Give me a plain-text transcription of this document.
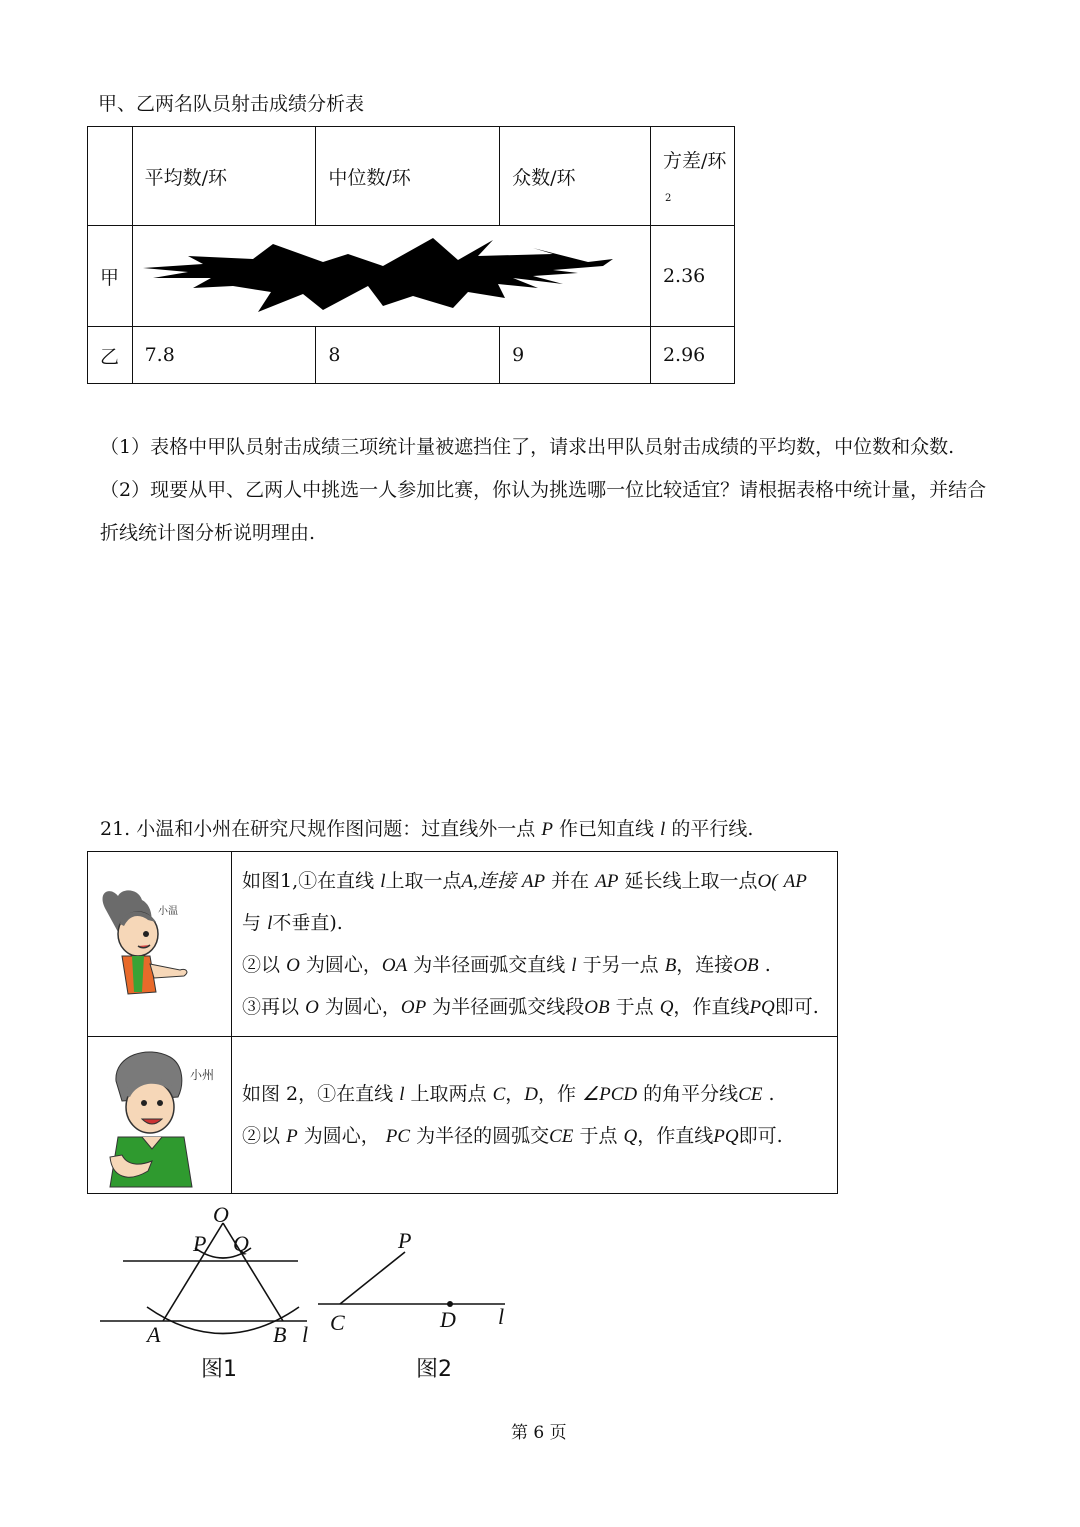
甲、乙两名队员射击成绩分析表
	平均数/环	中位数/环	众数/环	方差/环
2

甲				2.36
乙	7.8	8	9	2.96
（1）表格中甲队员射击成绩三项统计量被遮挡住了，请求出甲队员射击成绩的平均数，中位数和众数.
（2）现要从甲、乙两人中挑选一人参加比赛，你认为挑选哪一位比较适宜？请根据表格中统计量，并结合
折线统计图分析说明理由.
21. 小温和小州在研究尺规作图问题：过直线外一点 P 作已知直线 l 的平行线.
小温	如图1,①在直线 l上取一点A,连接 AP 并在 AP 延长线上取一点O( AP
与 l不垂直).
②以 O 为圆心，OA 为半径画弧交直线 l 于另一点 B，连接OB .
③再以 O 为圆心，OP 为半径画弧交线段OB 于点 Q，作直线PQ即可.

小州	如图 2，①在直线 l 上取两点 C，D，作 ∠PCD 的角平分线CE .
②以 P 为圆心， PC 为半径的圆弧交CE 于点 Q，作直线PQ即可.
O
P Q
A	B l
图1
P
C	D l
图2
第 6 页
